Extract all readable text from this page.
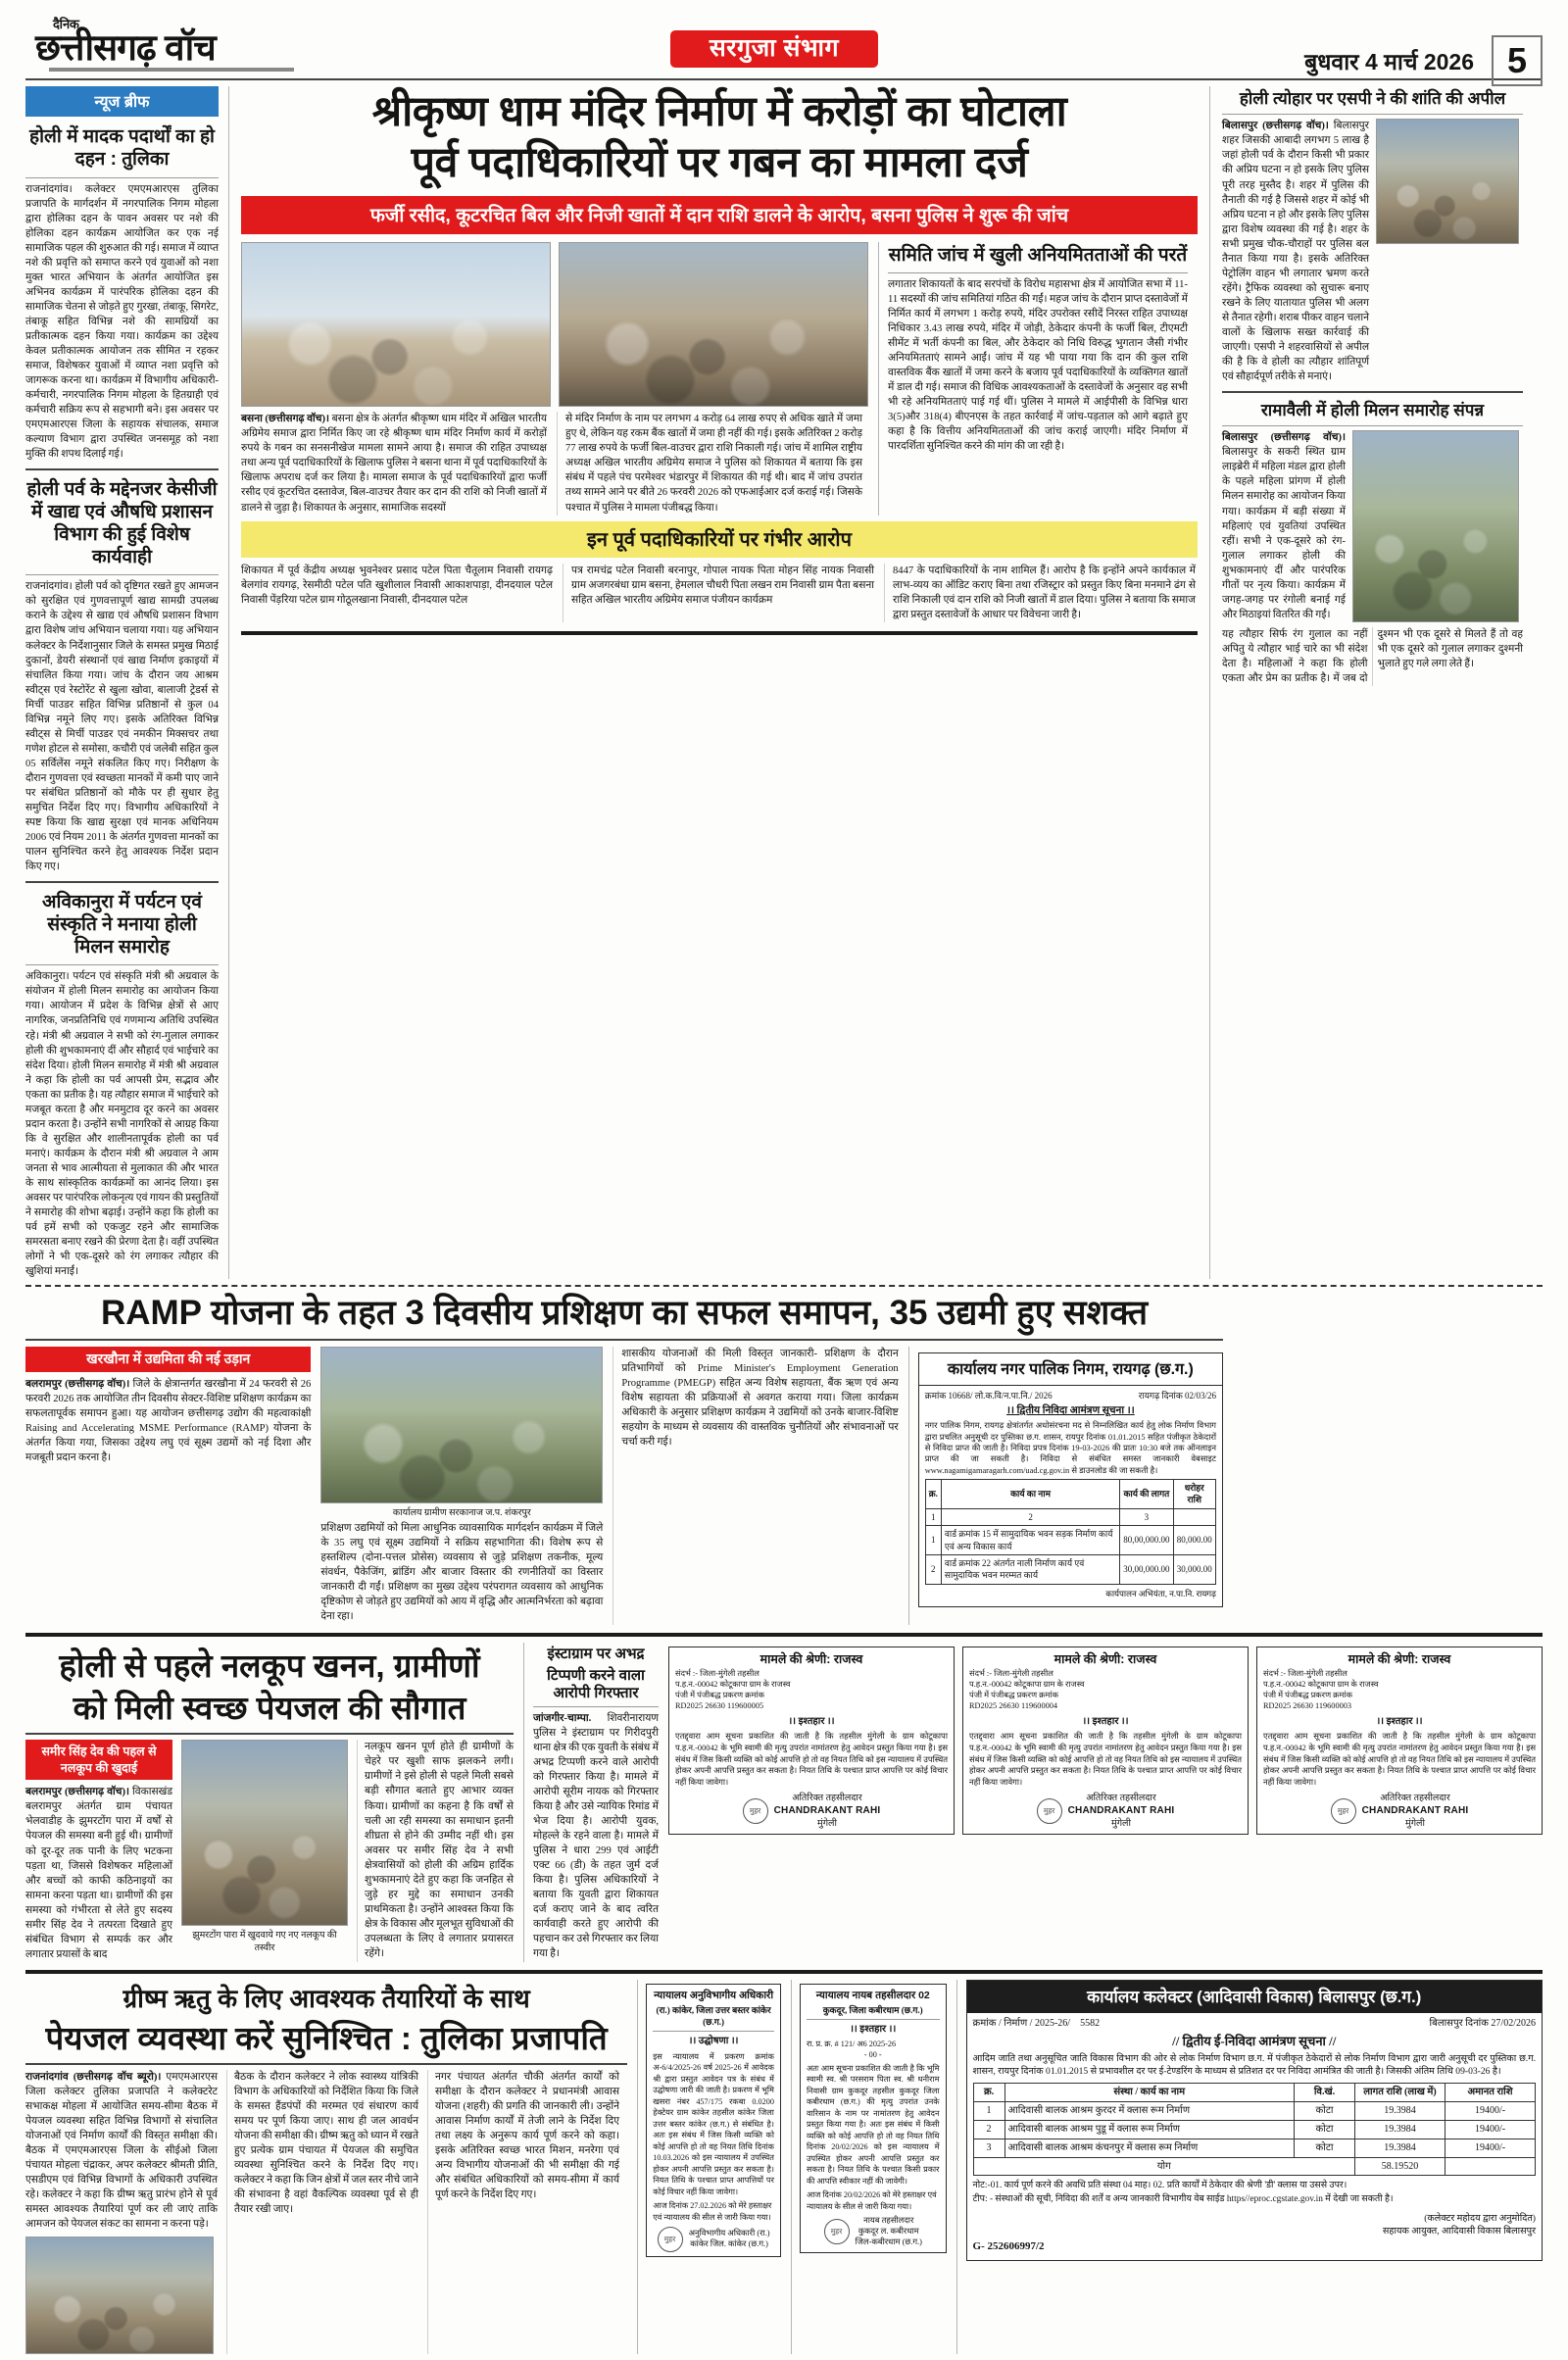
दैनिक
छत्तीसगढ़ वॉच	सरगुजा संभाग	बुधवार 4 मार्च 2026 5
न्यूज ब्रीफ
होली में मादक पदार्थों का हो दहन : तुलिका
राजनांदगांव। कलेक्टर एमएमआरएस तुलिका प्रजापति के मार्गदर्शन में नगरपालिक निगम मोहला द्वारा होलिका दहन के पावन अवसर पर नशे की होलिका दहन कार्यक्रम आयोजित कर एक नई सामाजिक पहल की शुरुआत की गई। समाज में व्याप्त नशे की प्रवृत्ति को समाप्त करने एवं युवाओं को नशा मुक्त भारत अभियान के अंतर्गत आयोजित इस अभिनव कार्यक्रम में पारंपरिक होलिका दहन की सामाजिक चेतना से जोड़ते हुए गुरखा, तंबाकू, सिगरेट, तंबाकू सहित विभिन्न नशे की सामग्रियों का प्रतीकात्मक दहन किया गया। कार्यक्रम का उद्देश्य केवल प्रतीकात्मक आयोजन तक सीमित न रहकर समाज, विशेषकर युवाओं में व्याप्त नशा प्रवृत्ति को जागरूक करना था। कार्यक्रम में विभागीय अधिकारी-कर्मचारी, नगरपालिक निगम मोहला के हितग्राही एवं कर्मचारी सक्रिय रूप से सहभागी बने। इस अवसर पर एमएमआरएस जिला के सहायक संचालक, समाज कल्याण विभाग द्वारा उपस्थित जनसमूह को नशा मुक्ति की शपथ दिलाई गई।
होली पर्व के मद्देनजर केसीजी में खाद्य एवं औषधि प्रशासन विभाग की हुई विशेष कार्यवाही
राजनांदगांव। होली पर्व को दृष्टिगत रखते हुए आमजन को सुरक्षित एवं गुणवत्तापूर्ण खाद्य सामग्री उपलब्ध कराने के उद्देश्य से खाद्य एवं औषधि प्रशासन विभाग द्वारा विशेष जांच अभियान चलाया गया। यह अभियान कलेक्टर के निर्देशानुसार जिले के समस्त प्रमुख मिठाई दुकानों, डेयरी संस्थानों एवं खाद्य निर्माण इकाइयों में संचालित किया गया। जांच के दौरान जय आश्रम स्वीट्स एवं रेस्टोरेंट से खुला खोवा, बालाजी ट्रेडर्स से मिर्ची पाउडर सहित विभिन्न प्रतिष्ठानों से कुल 04 विभिन्न नमूने लिए गए। इसके अतिरिक्त विभिन्न स्वीट्स से मिर्ची पाउडर एवं नमकीन मिक्सचर तथा गणेश होटल से समोसा, कचौरी एवं जलेबी सहित कुल 05 सर्विलेंस नमूने संकलित किए गए। निरीक्षण के दौरान गुणवत्ता एवं स्वच्छता मानकों में कमी पाए जाने पर संबंधित प्रतिष्ठानों को मौके पर ही सुधार हेतु समुचित निर्देश दिए गए। विभागीय अधिकारियों ने स्पष्ट किया कि खाद्य सुरक्षा एवं मानक अधिनियम 2006 एवं नियम 2011 के अंतर्गत गुणवत्ता मानकों का पालन सुनिश्चित करने हेतु आवश्यक निर्देश प्रदान किए गए।
अविकानुरा में पर्यटन एवं संस्कृति ने मनाया होली मिलन समारोह
अविकानुरा। पर्यटन एवं संस्कृति मंत्री श्री अग्रवाल के संयोजन में होली मिलन समारोह का आयोजन किया गया। आयोजन में प्रदेश के विभिन्न क्षेत्रों से आए नागरिक, जनप्रतिनिधि एवं गणमान्य अतिथि उपस्थित रहे। मंत्री श्री अग्रवाल ने सभी को रंग-गुलाल लगाकर होली की शुभकामनाएं दीं और सौहार्द एवं भाईचारे का संदेश दिया। होली मिलन समारोह में मंत्री श्री अग्रवाल ने कहा कि होली का पर्व आपसी प्रेम, सद्भाव और एकता का प्रतीक है। यह त्यौहार समाज में भाईचारे को मजबूत करता है और मनमुटाव दूर करने का अवसर प्रदान करता है। उन्होंने सभी नागरिकों से आग्रह किया कि वे सुरक्षित और शालीनतापूर्वक होली का पर्व मनाएं। कार्यक्रम के दौरान मंत्री श्री अग्रवाल ने आम जनता से भाव आत्मीयता से मुलाकात की और भारत के साथ सांस्कृतिक कार्यक्रमों का आनंद लिया। इस अवसर पर पारंपरिक लोकनृत्य एवं गायन की प्रस्तुतियों ने समारोह की शोभा बढ़ाई। उन्होंने कहा कि होली का पर्व हमें सभी को एकजुट रहने और सामाजिक समरसता बनाए रखने की प्रेरणा देता है। वहीं उपस्थित लोगों ने भी एक-दूसरे को रंग लगाकर त्यौहार की खुशियां मनाईं।
श्रीकृष्ण धाम मंदिर निर्माण में करोड़ों का घोटाला
पूर्व पदाधिकारियों पर गबन का मामला दर्ज
फर्जी रसीद, कूटरचित बिल और निजी खातों में दान राशि डालने के आरोप, बसना पुलिस ने शुरू की जांच
बसना (छत्तीसगढ़ वॉच)। बसना क्षेत्र के अंतर्गत श्रीकृष्ण धाम मंदिर में अखिल भारतीय अग्रिमेय समाज द्वारा निर्मित किए जा रहे श्रीकृष्ण धाम मंदिर निर्माण कार्य में करोड़ों रुपये के गबन का सनसनीखेज मामला सामने आया है। समाज की राहित उपाध्यक्ष तथा अन्य पूर्व पदाधिकारियों के खिलाफ पुलिस ने बसना थाना में पूर्व पदाधिकारियों के खिलाफ अपराध दर्ज कर लिया है। मामला समाज के पूर्व पदाधिकारियों द्वारा फर्जी रसीद एवं कूटरचित दस्तावेज, बिल-वाउचर तैयार कर दान की राशि को निजी खातों में डालने से जुड़ा है। शिकायत के अनुसार, सामाजिक सदस्यों
से मंदिर निर्माण के नाम पर लगभग 4 करोड़ 64 लाख रुपए से अधिक खाते में जमा हुए थे, लेकिन यह रकम बैंक खातों में जमा ही नहीं की गई। इसके अतिरिक्त 2 करोड़ 77 लाख रुपये के फर्जी बिल-वाउचर द्वारा राशि निकाली गई। जांच में शामिल राष्ट्रीय अध्यक्ष अखिल भारतीय अग्रिमेय समाज ने पुलिस को शिकायत में बताया कि इस संबंध में पहले पंच परमेश्वर भंडारपुर में शिकायत की गई थी। बाद में जांच उपरांत तथ्य सामने आने पर बीते 26 फरवरी 2026 को एफआईआर दर्ज कराई गई। जिसके पश्चात में पुलिस ने मामला पंजीबद्ध किया।
समिति जांच में खुली अनियमितताओं की परतें
लगातार शिकायतों के बाद सरपंचों के विरोध महासभा क्षेत्र में आयोजित सभा में 11-11 सदस्यों की जांच समितियां गठित की गईं। महज जांच के दौरान प्राप्त दस्तावेजों में निर्मित कार्य में लगभग 1 करोड़ रुपये, मंदिर उपरोक्त रसीदें निरस्त राहित उपाध्यक्ष निधिकार 3.43 लाख रुपये, मंदिर में जोड़ी, ठेकेदार कंपनी के फर्जी बिल, टीएमटी सीमेंट में भर्ती कंपनी का बिल, और ठेकेदार को निधि विरुद्ध भुगतान जैसी गंभीर अनियमितताएं सामने आईं। जांच में यह भी पाया गया कि दान की कुल राशि वास्तविक बैंक खातों में जमा करने के बजाय पूर्व पदाधिकारियों के व्यक्तिगत खातों में डाल दी गई। समाज की विधिक आवश्यकताओं के दस्तावेजों के अनुसार वह सभी भी रहे अनियमितताएं पाई गई थीं। पुलिस ने मामले में आईपीसी के विभिन्न धारा 3(5)और 318(4) बीएनएस के तहत कार्रवाई में जांच-पड़ताल को आगे बढ़ाते हुए कहा है कि वित्तीय अनियमितताओं की जांच कराई जाएगी। मंदिर निर्माण में पारदर्शिता सुनिश्चित करने की मांग की जा रही है।
इन पूर्व पदाधिकारियों पर गंभीर आरोप
शिकायत में पूर्व केंद्रीय अध्यक्ष भुवनेश्वर प्रसाद पटेल पिता चैतूलाम निवासी रायगढ़ बेलगांव रायगढ़, रेसमीठी पटेल पति खुशीलाल निवासी आकाशपाड़ा, दीनदयाल पटेल निवासी पेंड़रिया पटेल ग्राम गोठूलखाना निवासी, दीनदयाल पटेल
पत्र रामचंद्र पटेल निवासी बरनापुर, गोपाल नायक पिता मोहन सिंह नायक निवासी ग्राम अजगरबंधा ग्राम बसना, हेमलाल चौधरी पिता लखन राम निवासी ग्राम पैता बसना सहित अखिल भारतीय अग्रिमेय समाज पंजीयन कार्यक्रम
8447 के पदाधिकारियों के नाम शामिल हैं। आरोप है कि इन्होंने अपने कार्यकाल में लाभ-व्यय का ऑडिट कराए बिना तथा रजिस्ट्रार को प्रस्तुत किए बिना मनमाने ढंग से राशि निकाली एवं दान राशि को निजी खातों में डाल दिया। पुलिस ने बताया कि समाज द्वारा प्रस्तुत दस्तावेजों के आधार पर विवेचना जारी है।
होली त्योहार पर एसपी ने की शांति की अपील
बिलासपुर (छत्तीसगढ़ वॉच)। बिलासपुर शहर जिसकी आबादी लगभग 5 लाख है जहां होली पर्व के दौरान किसी भी प्रकार की अप्रिय घटना न हो इसके लिए पुलिस पूरी तरह मुस्तैद है। शहर में पुलिस की तैनाती की गई है जिससे शहर में कोई भी अप्रिय घटना न हो और इसके लिए पुलिस द्वारा विशेष व्यवस्था की गई है। शहर के सभी प्रमुख चौक-चौराहों पर पुलिस बल तैनात किया गया है। इसके अतिरिक्त पेट्रोलिंग वाहन भी लगातार भ्रमण करते रहेंगे। ट्रैफिक व्यवस्था को सुचारू बनाए रखने के लिए यातायात पुलिस भी अलग से तैनात रहेगी। शराब पीकर वाहन चलाने वालों के खिलाफ सख्त कार्रवाई की जाएगी। एसपी ने शहरवासियों से अपील की है कि वे होली का त्यौहार शांतिपूर्ण एवं सौहार्दपूर्ण तरीके से मनाएं।
रामावैली में होली मिलन समारोह संपन्न
बिलासपुर (छत्तीसगढ़ वॉच)। बिलासपुर के सकरी स्थित ग्राम लाइब्रेरी में महिला मंडल द्वारा होली के पहले महिला प्रांगण में होली मिलन समारोह का आयोजन किया गया। कार्यक्रम में बड़ी संख्या में महिलाएं एवं युवतियां उपस्थित रहीं। सभी ने एक-दूसरे को रंग-गुलाल लगाकर होली की शुभकामनाएं दीं और पारंपरिक गीतों पर नृत्य किया। कार्यक्रम में जगह-जगह पर रंगोली बनाई गई और मिठाइयां वितरित की गईं।
यह त्यौहार सिर्फ रंग गुलाल का नहीं अपितु ये त्यौहार भाई चारे का भी संदेश देता है। महिलाओं ने कहा कि होली एकता और प्रेम का प्रतीक है। में जब दो दुश्मन भी एक दूसरे से मिलते हैं तो वह भी एक दूसरे को गुलाल लगाकर दुश्मनी भुलाते हुए गले लगा लेते हैं।
RAMP योजना के तहत 3 दिवसीय प्रशिक्षण का सफल समापन, 35 उद्यमी हुए सशक्त
खरखौना में उद्यमिता की नई उड़ान
बलरामपुर (छत्तीसगढ़ वॉच)। जिले के क्षेत्रान्तर्गत खरखौना में 24 फरवरी से 26 फरवरी 2026 तक आयोजित तीन दिवसीय सेक्टर-विशिष्ट प्रशिक्षण कार्यक्रम का सफलतापूर्वक समापन हुआ। यह आयोजन छत्तीसगढ़ उद्योग की महत्वाकांक्षी Raising and Accelerating MSME Performance (RAMP) योजना के अंतर्गत किया गया, जिसका उद्देश्य लघु एवं सूक्ष्म उद्यमों को नई दिशा और मजबूती प्रदान करना है।
कार्यालय ग्रामीण सरकानाज ज.प. शंकरपुर
प्रशिक्षण उद्यमियों को मिला आधुनिक व्यावसायिक मार्गदर्शन कार्यक्रम में जिले के 35 लघु एवं सूक्ष्म उद्यमियों ने सक्रिय सहभागिता की। विशेष रूप से हस्तशिल्प (दोना-पत्तल प्रोसेस) व्यवसाय से जुड़े प्रशिक्षण तकनीक, मूल्य संवर्धन, पैकेजिंग, ब्रांडिंग और बाजार विस्तार की रणनीतियों का विस्तार जानकारी दी गईं। प्रशिक्षण का मुख्य उद्देश्य परंपरागत व्यवसाय को आधुनिक दृष्टिकोण से जोड़ते हुए उद्यमियों को आय में वृद्धि और आत्मनिर्भरता को बढ़ावा देना रहा।
शासकीय योजनाओं की मिली विस्तृत जानकारी- प्रशिक्षण के दौरान प्रतिभागियों को Prime Minister's Employment Generation Programme (PMEGP) सहित अन्य विशेष सहायता, बैंक ऋण एवं अन्य विशेष सहायता की प्रक्रियाओं से अवगत कराया गया। जिला कार्यक्रम अधिकारी के अनुसार प्रशिक्षण कार्यक्रम ने उद्यमियों को उनके बाजार-विशिष्ट सहयोग के माध्यम से व्यवसाय की वास्तविक चुनौतियों और संभावनाओं पर चर्चा करी गई।
कार्यालय नगर पालिक निगम, रायगढ़ (छ.ग.)
क्रमांक 10668/ लो.क.वि/न.पा.नि./ 2026	रायगढ़ दिनांक 02/03/26
।। द्वितीय निविदा आमंत्रण सूचना ।।
नगर पालिक निगम, रायगढ़ क्षेत्रांतर्गत अधोसंरचना मद से निम्नलिखित कार्य हेतु लोक निर्माण विभाग द्वारा प्रचलित अनुसूची दर पुस्तिका छ.ग. शासन, रायपुर दिनांक 01.01.2015 सहित पंजीकृत ठेकेदारों से निविदा प्राप्त की जाती है। निविदा प्रपत्र दिनांक 19-03-2026 की प्रातः 10:30 बजे तक ऑनलाइन प्राप्त की जा सकती है। निविदा से संबंधित समस्त जानकारी वेबसाइट www.nagamigamaragarh.com/uad.cg.gov.in से डाउनलोड की जा सकती है।
क्र.	कार्य का नाम	कार्य की लागत	धरोहर राशि
1	2	3	
1	वार्ड क्रमांक 15 में सामुदायिक भवन सड़क निर्माण कार्य एवं अन्य विकास कार्य	80,00,000.00	80,000.00
2	वार्ड क्रमांक 22 अंतर्गत नाली निर्माण कार्य एवं सामुदायिक भवन मरम्मत कार्य	30,00,000.00	30,000.00
कार्यपालन अभियंता, न.पा.नि. रायगढ़
होली से पहले नलकूप खनन, ग्रामीणों
को मिली स्वच्छ पेयजल की सौगात
समीर सिंह देव की पहल से नलकूप की खुदाई
बलरामपुर (छत्तीसगढ़ वॉच)। विकासखंड बलरामपुर अंतर्गत ग्राम पंचायत भेलवाडीह के झुमरटोंग पारा में वर्षों से पेयजल की समस्या बनी हुई थी। ग्रामीणों को दूर-दूर तक पानी के लिए भटकना पड़ता था, जिससे विशेषकर महिलाओं और बच्चों को काफी कठिनाइयों का सामना करना पड़ता था। ग्रामीणों की इस समस्या को गंभीरता से लेते हुए सदस्य समीर सिंह देव ने तत्परता दिखाते हुए संबंधित विभाग से सम्पर्क कर और लगातार प्रयासों के बाद
झुमरटोंग पारा में खुदवाये गए नए नलकूप की तस्वीर
नलकूप खनन पूर्ण होते ही ग्रामीणों के चेहरे पर खुशी साफ झलकने लगी। ग्रामीणों ने इसे होली से पहले मिली सबसे बड़ी सौगात बताते हुए आभार व्यक्त किया। ग्रामीणों का कहना है कि वर्षों से चली आ रही समस्या का समाधान इतनी शीघ्रता से होने की उम्मीद नहीं थी। इस अवसर पर समीर सिंह देव ने सभी क्षेत्रवासियों को होली की अग्रिम हार्दिक शुभकामनाएं देते हुए कहा कि जनहित से जुड़े हर मुद्दे का समाधान उनकी प्राथमिकता है। उन्होंने आश्वस्त किया कि क्षेत्र के विकास और मूलभूत सुविधाओं की उपलब्धता के लिए वे लगातार प्रयासरत रहेंगे।
इंस्टाग्राम पर अभद्र
टिप्पणी करने वाला
आरोपी गिरफ्तार
जांजगीर-चाम्पा. शिवरीनारायण पुलिस ने इंस्टाग्राम पर गिरीदपुरी थाना क्षेत्र की एक युवती के संबंध में अभद्र टिप्पणी करने वाले आरोपी को गिरफ्तार किया है। मामले में आरोपी सूरीम नायक को गिरफ्तार किया है और उसे न्यायिक रिमांड में भेज दिया है। आरोपी युवक, मोहल्ले के रहने वाला है। मामले में पुलिस ने धारा 299 एवं आईटी एक्ट 66 (डी) के तहत जुर्म दर्ज किया है। पुलिस अधिकारियों ने बताया कि युवती द्वारा शिकायत दर्ज कराए जाने के बाद त्वरित कार्यवाही करते हुए आरोपी की पहचान कर उसे गिरफ्तार कर लिया गया है।
मामले की श्रेणी: राजस्व
संदर्भ :- जिला-मुंगेली तहसील
प.ह.न.-00042 कोटूकापा ग्राम के राजस्व
पंजी में पंजीबद्ध प्रकरण क्रमांक
RD2025 26630 119600005
।। इश्तहार ।।
एतद्द्वारा आम सूचना प्रकाशित की जाती है कि तहसील मुंगेली के ग्राम कोटूकापा प.ह.न.-00042 के भूमि स्वामी की मृत्यु उपरांत नामांतरण हेतु आवेदन प्रस्तुत किया गया है। इस संबंध में जिस किसी व्यक्ति को कोई आपत्ति हो तो वह नियत तिथि को इस न्यायालय में उपस्थित होकर अपनी आपत्ति प्रस्तुत कर सकता है। नियत तिथि के पश्चात प्राप्त आपत्ति पर कोई विचार नहीं किया जावेगा।
मुहर
अतिरिक्त तहसीलदार
CHANDRAKANT RAHI
मुंगेली
मामले की श्रेणी: राजस्व
संदर्भ :- जिला-मुंगेली तहसील
प.ह.न.-00042 कोटूकापा ग्राम के राजस्व
पंजी में पंजीबद्ध प्रकरण क्रमांक
RD2025 26630 119600004
।। इश्तहार ।।
एतद्द्वारा आम सूचना प्रकाशित की जाती है कि तहसील मुंगेली के ग्राम कोटूकापा प.ह.न.-00042 के भूमि स्वामी की मृत्यु उपरांत नामांतरण हेतु आवेदन प्रस्तुत किया गया है। इस संबंध में जिस किसी व्यक्ति को कोई आपत्ति हो तो वह नियत तिथि को इस न्यायालय में उपस्थित होकर अपनी आपत्ति प्रस्तुत कर सकता है। नियत तिथि के पश्चात प्राप्त आपत्ति पर कोई विचार नहीं किया जावेगा।
मुहर
अतिरिक्त तहसीलदार
CHANDRAKANT RAHI
मुंगेली
मामले की श्रेणी: राजस्व
संदर्भ :- जिला-मुंगेली तहसील
प.ह.न.-00042 कोटूकापा ग्राम के राजस्व
पंजी में पंजीबद्ध प्रकरण क्रमांक
RD2025 26630 119600003
।। इश्तहार ।।
एतद्द्वारा आम सूचना प्रकाशित की जाती है कि तहसील मुंगेली के ग्राम कोटूकापा प.ह.न.-00042 के भूमि स्वामी की मृत्यु उपरांत नामांतरण हेतु आवेदन प्रस्तुत किया गया है। इस संबंध में जिस किसी व्यक्ति को कोई आपत्ति हो तो वह नियत तिथि को इस न्यायालय में उपस्थित होकर अपनी आपत्ति प्रस्तुत कर सकता है। नियत तिथि के पश्चात प्राप्त आपत्ति पर कोई विचार नहीं किया जावेगा।
मुहर
अतिरिक्त तहसीलदार
CHANDRAKANT RAHI
मुंगेली
ग्रीष्म ऋतु के लिए आवश्यक तैयारियों के साथ
पेयजल व्यवस्था करें सुनिश्चित : तुलिका प्रजापति
राजनांदगांव (छत्तीसगढ़ वॉच ब्यूरो)। एमएमआरएस जिला कलेक्टर तुलिका प्रजापति ने कलेक्टरेट सभाकक्ष मोहला में आयोजित समय-सीमा बैठक में पेयजल व्यवस्था सहित विभिन्न विभागों से संचालित योजनाओं एवं निर्माण कार्यों की विस्तृत समीक्षा की। बैठक में एमएमआरएस जिला के सीईओ जिला पंचायत मोहला चंद्राकर, अपर कलेक्टर श्रीमती प्रीति, एसडीएम एवं विभिन्न विभागों के अधिकारी उपस्थित रहे। कलेक्टर ने कहा कि ग्रीष्म ऋतु प्रारंभ होने से पूर्व समस्त आवश्यक तैयारियां पूर्ण कर ली जाएं ताकि आमजन को पेयजल संकट का सामना न करना पड़े।
बैठक के दौरान कलेक्टर ने लोक स्वास्थ्य यांत्रिकी विभाग के अधिकारियों को निर्देशित किया कि जिले के समस्त हैंडपंपों की मरम्मत एवं संधारण कार्य समय पर पूर्ण किया जाए। साथ ही जल आवर्धन योजना की समीक्षा की। ग्रीष्म ऋतु को ध्यान में रखते हुए प्रत्येक ग्राम पंचायत में पेयजल की समुचित व्यवस्था सुनिश्चित करने के निर्देश दिए गए। कलेक्टर ने कहा कि जिन क्षेत्रों में जल स्तर नीचे जाने की संभावना है वहां वैकल्पिक व्यवस्था पूर्व से ही तैयार रखी जाए।
नगर पंचायत अंतर्गत चौकी अंतर्गत कार्यों को समीक्षा के दौरान कलेक्टर ने प्रधानमंत्री आवास योजना (शहरी) की प्रगति की जानकारी ली। उन्होंने आवास निर्माण कार्यों में तेजी लाने के निर्देश दिए तथा लक्ष्य के अनुरूप कार्य पूर्ण करने को कहा। इसके अतिरिक्त स्वच्छ भारत मिशन, मनरेगा एवं अन्य विभागीय योजनाओं की भी समीक्षा की गई और संबंधित अधिकारियों को समय-सीमा में कार्य पूर्ण करने के निर्देश दिए गए।
न्यायालय अनुविभागीय अधिकारी
(रा.) कांकेर, जिला उत्तर बस्तर कांकेर (छ.ग.)
।। उद्घोषणा ।।
इस न्यायालय में प्रकरण क्रमांक अ-6/4/2025-26 वर्ष 2025-26 में आवेदक श्री द्वारा प्रस्तुत आवेदन पत्र के संबंध में उद्घोषणा जारी की जाती है। प्रकरण में भूमि खसरा नंबर 457/175 रकबा 0.0200 हेक्टेयर ग्राम कांकेर तहसील कांकेर जिला उत्तर बस्तर कांकेर (छ.ग.) से संबंधित है। अतः इस संबंध में जिस किसी व्यक्ति को कोई आपत्ति हो तो वह नियत तिथि दिनांक 10.03.2026 को इस न्यायालय में उपस्थित होकर अपनी आपत्ति प्रस्तुत कर सकता है। नियत तिथि के पश्चात प्राप्त आपत्तियों पर कोई विचार नहीं किया जावेगा।
आज दिनांक 27.02.2026 को मेरे हस्ताक्षर एवं न्यायालय की सील से जारी किया गया।
मुहर
अनुविभागीय अधिकारी (रा.)
कांकेर जिल. कांकेर (छ.ग.)
न्यायालय नायब तहसीलदार 02
कुकदूर, जिला कबीरधाम (छ.ग.)
।। इश्तहार ।।
रा. प्र. क्र. # 121/ अ6 2025-26
- 00 -
अतः आम सूचना प्रकाशित की जाती है कि भूमि स्वामी स्व. श्री परसराम पिता स्व. श्री धनीराम निवासी ग्राम कुकदूर तहसील कुकदूर जिला कबीरधाम (छ.ग.) की मृत्यु उपरांत उनके वारिसान के नाम पर नामांतरण हेतु आवेदन प्रस्तुत किया गया है। अतः इस संबंध में किसी व्यक्ति को कोई आपत्ति हो तो वह नियत तिथि दिनांक 20/02/2026 को इस न्यायालय में उपस्थित होकर अपनी आपत्ति प्रस्तुत कर सकता है। नियत तिथि के पश्चात किसी प्रकार की आपत्ति स्वीकार नहीं की जावेगी।
आज दिनांक 20/02/2026 को मेरे हस्ताक्षर एवं न्यायालय के सील से जारी किया गया।
मुहर
नायब तहसीलदार
कुकदूर ल. कबीरधाम
जिल-कबीरधाम (छ.ग.)
कार्यालय कलेक्टर (आदिवासी विकास) बिलासपुर (छ.ग.)
क्रमांक / निर्माण / 2025-26/ 5582	बिलासपुर दिनांक 27/02/2026
// द्वितीय ई-निविदा आमंत्रण सूचना //
आदिम जाति तथा अनुसूचित जाति विकास विभाग की ओर से लोक निर्माण विभाग छ.ग. में पंजीकृत ठेकेदारों से लोक निर्माण विभाग द्वारा जारी अनुसूची दर पुस्तिका छ.ग. शासन, रायपुर दिनांक 01.01.2015 से प्रभावशील दर पर ई-टेण्डरिंग के माध्यम से प्रतिशत दर पर निविदा आमंत्रित की जाती है। जिसकी अंतिम तिथि 09-03-26 है।
क्र.	संस्था / कार्य का नाम	वि.खं.	लागत राशि (लाख में)	अमानत राशि
1	आदिवासी बालक आश्रम कुरदर में क्लास रूम निर्माण	कोटा	19.3984	19400/-
2	आदिवासी बालक आश्रम पुडू में क्लास रूम निर्माण	कोटा	19.3984	19400/-
3	आदिवासी बालक आश्रम कंचनपुर में क्लास रूम निर्माण	कोटा	19.3984	19400/-
योग			58.19520	
नोट:-01. कार्य पूर्ण करने की अवधि प्रति संस्था 04 माह। 02. प्रति कार्यों में ठेकेदार की श्रेणी 'डी' क्लास या उससे उपर।
टीप: - संस्थाओं की सूची, निविदा की शर्तें व अन्य जानकारी विभागीय वेब साईड https//eproc.cgstate.gov.in में देखी जा सकती है।
(कलेक्टर महोदय द्वारा अनुमोदित)
सहायक आयुक्त, आदिवासी विकास बिलासपुर
G- 252606997/2
